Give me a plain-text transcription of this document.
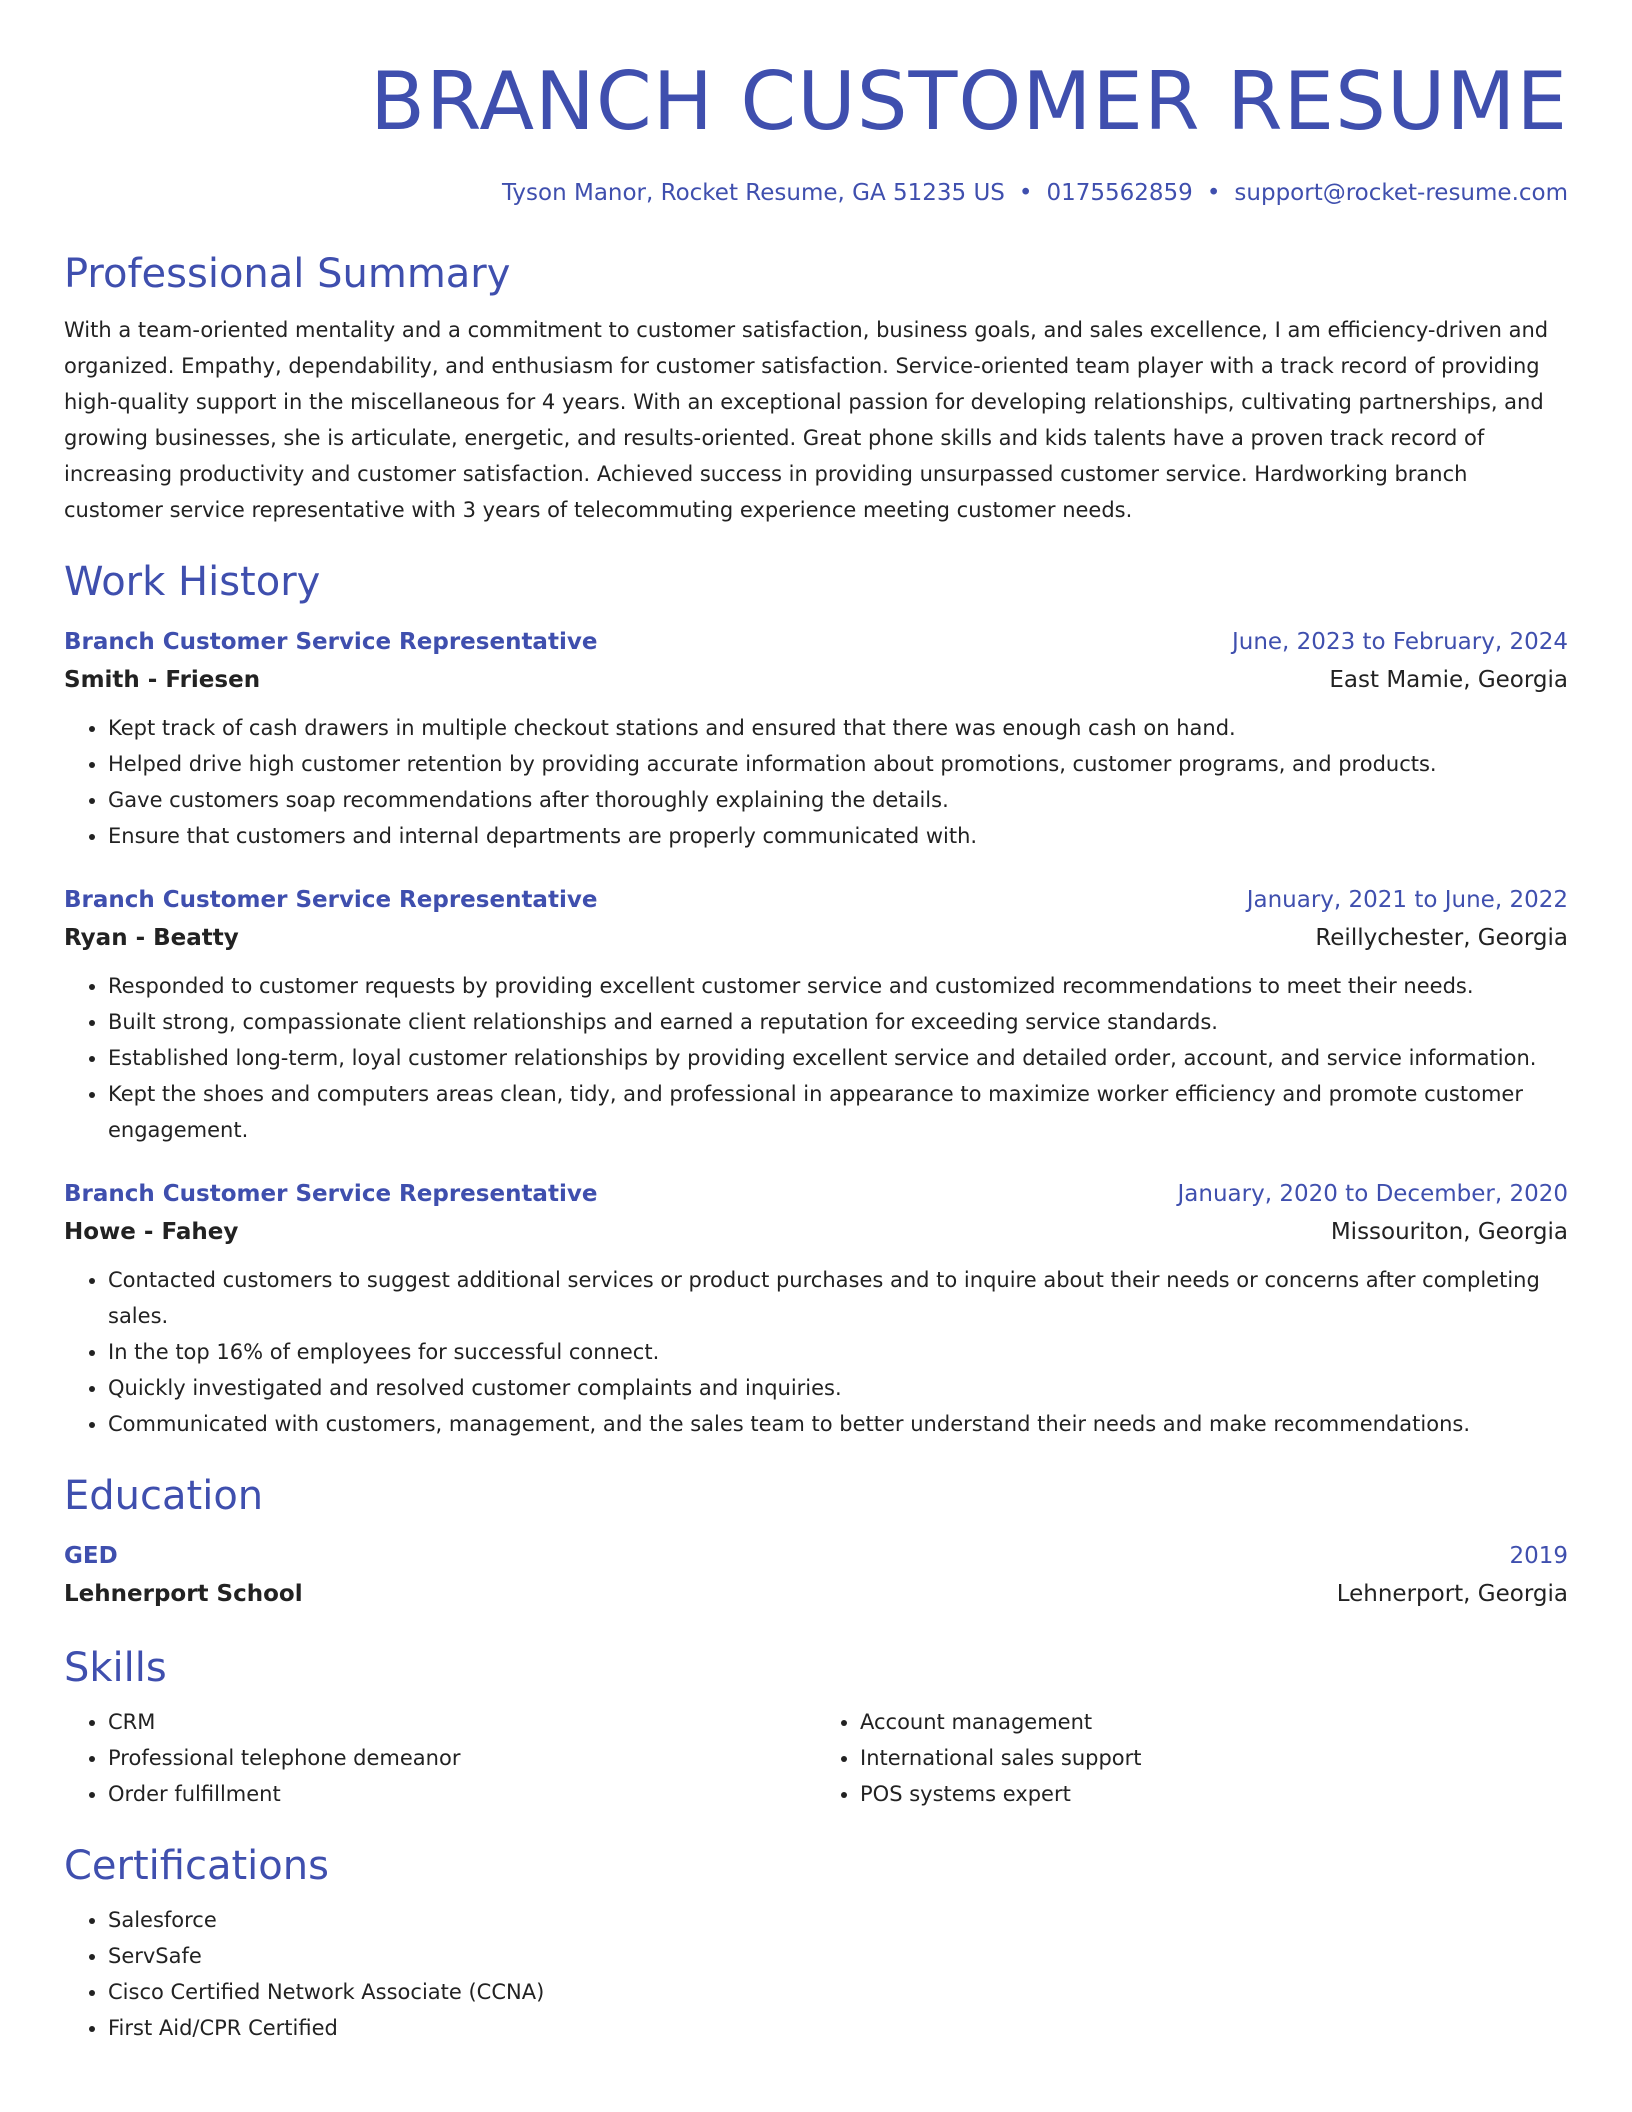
BRANCH CUSTOMER RESUME
Tyson Manor, Rocket Resume, GA 51235 US • 0175562859 • support@rocket-resume.com
Professional Summary
With a team-oriented mentality and a commitment to customer satisfaction, business goals, and sales excellence, I am efficiency-driven and organized. Empathy, dependability, and enthusiasm for customer satisfaction. Service-oriented team player with a track record of providing high-quality support in the miscellaneous for 4 years. With an exceptional passion for developing relationships, cultivating partnerships, and growing businesses, she is articulate, energetic, and results-oriented. Great phone skills and kids talents have a proven track record of increasing productivity and customer satisfaction. Achieved success in providing unsurpassed customer service. Hardworking branch customer service representative with 3 years of telecommuting experience meeting customer needs.
Work History
Branch Customer Service Representative	June, 2023 to February, 2024
Smith - Friesen	East Mamie, Georgia
• Kept track of cash drawers in multiple checkout stations and ensured that there was enough cash on hand.
• Helped drive high customer retention by providing accurate information about promotions, customer programs, and products.
• Gave customers soap recommendations after thoroughly explaining the details.
• Ensure that customers and internal departments are properly communicated with.
Branch Customer Service Representative	January, 2021 to June, 2022
Ryan - Beatty	Reillychester, Georgia
• Responded to customer requests by providing excellent customer service and customized recommendations to meet their needs.
• Built strong, compassionate client relationships and earned a reputation for exceeding service standards.
• Established long-term, loyal customer relationships by providing excellent service and detailed order, account, and service information.
• Kept the shoes and computers areas clean, tidy, and professional in appearance to maximize worker efficiency and promote customer engagement.
Branch Customer Service Representative	January, 2020 to December, 2020
Howe - Fahey	Missouriton, Georgia
• Contacted customers to suggest additional services or product purchases and to inquire about their needs or concerns after completing sales.
• In the top 16% of employees for successful connect.
• Quickly investigated and resolved customer complaints and inquiries.
• Communicated with customers, management, and the sales team to better understand their needs and make recommendations.
Education
GED	2019
Lehnerport School	Lehnerport, Georgia
Skills
• CRM
• Professional telephone demeanor
• Order fulfillment
• Account management
• International sales support
• POS systems expert
Certifications
• Salesforce
• ServSafe
• Cisco Certified Network Associate (CCNA)
• First Aid/CPR Certified
